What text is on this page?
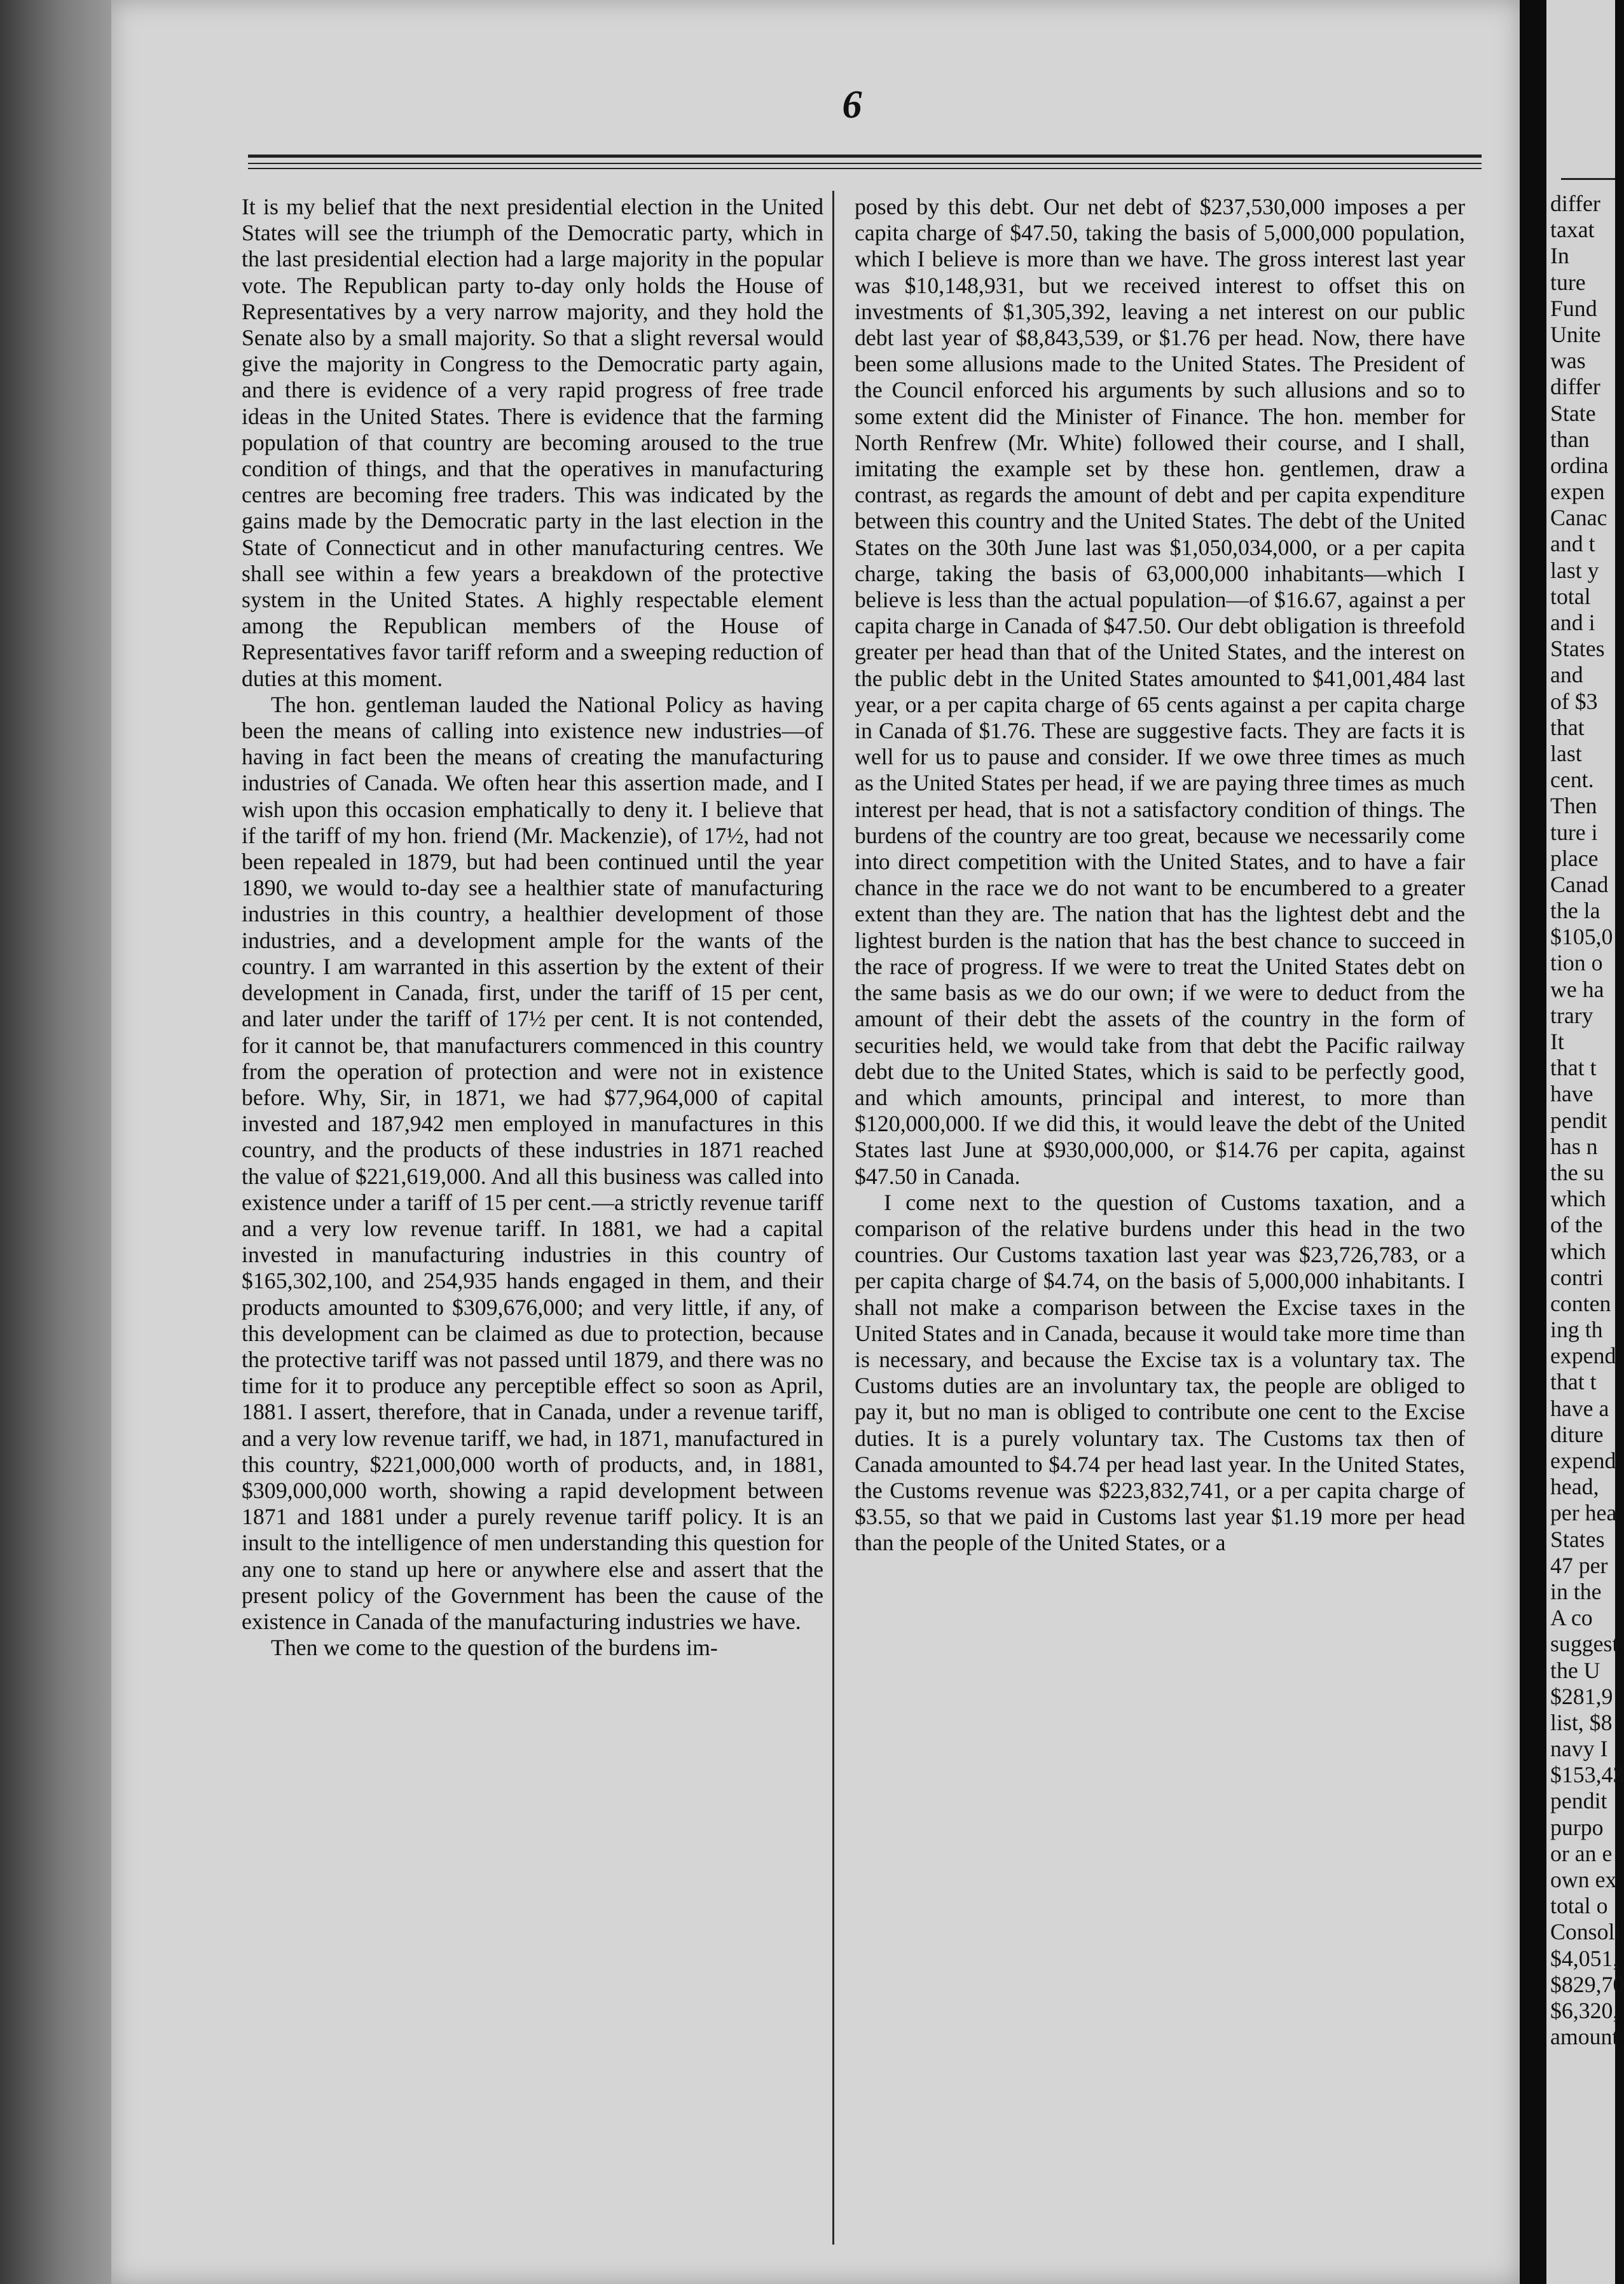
6

It is my belief that the next presidential election in the United States will see the triumph of the Democratic party, which in the last presidential election had a large majority in the popular vote. The Republican party to-day only holds the House of Representatives by a very narrow majority, and they hold the Senate also by a small majority. So that a slight reversal would give the majority in Congress to the Democratic party again, and there is evidence of a very rapid progress of free trade ideas in the United States. There is evidence that the farming population of that country are becoming aroused to the true condition of things, and that the operatives in manufacturing centres are becoming free traders. This was indicated by the gains made by the Democratic party in the last election in the State of Connecticut and in other manufacturing centres. We shall see within a few years a breakdown of the protective system in the United States. A highly respectable element among the Republican members of the House of Representatives favor tariff reform and a sweeping reduction of duties at this moment.

The hon. gentleman lauded the National Policy as having been the means of calling into existence new industries—of having in fact been the means of creating the manufacturing industries of Canada. We often hear this assertion made, and I wish upon this occasion emphatically to deny it. I believe that if the tariff of my hon. friend (Mr. Mackenzie), of 17½, had not been repealed in 1879, but had been continued until the year 1890, we would to-day see a healthier state of manufacturing industries in this country, a healthier development of those industries, and a development ample for the wants of the country. I am warranted in this assertion by the extent of their development in Canada, first, under the tariff of 15 per cent, and later under the tariff of 17½ per cent. It is not contended, for it cannot be, that manufacturers commenced in this country from the operation of protection and were not in existence before. Why, Sir, in 1871, we had $77,964,000 of capital invested and 187,942 men employed in manufactures in this country, and the products of these industries in 1871 reached the value of $221,619,000. And all this business was called into existence under a tariff of 15 per cent.—a strictly revenue tariff and a very low revenue tariff. In 1881, we had a capital invested in manufacturing industries in this country of $165,302,100, and 254,935 hands engaged in them, and their products amounted to $309,676,000; and very little, if any, of this development can be claimed as due to protection, because the protective tariff was not passed until 1879, and there was no time for it to produce any perceptible effect so soon as April, 1881. I assert, therefore, that in Canada, under a revenue tariff, and a very low revenue tariff, we had, in 1871, manufactured in this country, $221,000,000 worth of products, and, in 1881, $309,000,000 worth, showing a rapid development between 1871 and 1881 under a purely revenue tariff policy. It is an insult to the intelligence of men understanding this question for any one to stand up here or anywhere else and assert that the present policy of the Government has been the cause of the existence in Canada of the manufacturing industries we have.

Then we come to the question of the burdens im-

posed by this debt. Our net debt of $237,530,000 imposes a per capita charge of $47.50, taking the basis of 5,000,000 population, which I believe is more than we have. The gross interest last year was $10,148,931, but we received interest to offset this on investments of $1,305,392, leaving a net interest on our public debt last year of $8,843,539, or $1.76 per head. Now, there have been some allusions made to the United States. The President of the Council enforced his arguments by such allusions and so to some extent did the Minister of Finance. The hon. member for North Renfrew (Mr. White) followed their course, and I shall, imitating the example set by these hon. gentlemen, draw a contrast, as regards the amount of debt and per capita expenditure between this country and the United States. The debt of the United States on the 30th June last was $1,050,034,000, or a per capita charge, taking the basis of 63,000,000 inhabitants—which I believe is less than the actual population—of $16.67, against a per capita charge in Canada of $47.50. Our debt obligation is threefold greater per head than that of the United States, and the interest on the public debt in the United States amounted to $41,001,484 last year, or a per capita charge of 65 cents against a per capita charge in Canada of $1.76. These are suggestive facts. They are facts it is well for us to pause and consider. If we owe three times as much as the United States per head, if we are paying three times as much interest per head, that is not a satisfactory condition of things. The burdens of the country are too great, because we necessarily come into direct competition with the United States, and to have a fair chance in the race we do not want to be encumbered to a greater extent than they are. The nation that has the lightest debt and the lightest burden is the nation that has the best chance to succeed in the race of progress. If we were to treat the United States debt on the same basis as we do our own; if we were to deduct from the amount of their debt the assets of the country in the form of securities held, we would take from that debt the Pacific railway debt due to the United States, which is said to be perfectly good, and which amounts, principal and interest, to more than $120,000,000. If we did this, it would leave the debt of the United States last June at $930,000,000, or $14.76 per capita, against $47.50 in Canada.

I come next to the question of Customs taxation, and a comparison of the relative burdens under this head in the two countries. Our Customs taxation last year was $23,726,783, or a per capita charge of $4.74, on the basis of 5,000,000 inhabitants. I shall not make a comparison between the Excise taxes in the United States and in Canada, because it would take more time than is necessary, and because the Excise tax is a voluntary tax. The Customs duties are an involuntary tax, the people are obliged to pay it, but no man is obliged to contribute one cent to the Excise duties. It is a purely voluntary tax. The Customs tax then of Canada amounted to $4.74 per head last year. In the United States, the Customs revenue was $223,832,741, or a per capita charge of $3.55, so that we paid in Customs last year $1.19 more per head than the people of the United States, or a

differ
taxat
In
ture
Fund
Unite
was
differ
State
than
ordina
expen
Canac
and t
last y
total
and i
States
and
of $3
that
last
cent.
Then
ture i
place
Canad
the la
$105,0
tion o
we ha
trary
It
that t
have
pendit
has n
the su
which
of the
which
contri
conten
ing th
expend
that t
have a
diture
expend
head,
per hea
States
47 per
in the
A co
suggest
the U
$281,9
list, $8
navy I
$153,43
pendit
purpo
or an e
own ex
total o
Consoli
$4,051,
$829,70
$6,320,
amount
